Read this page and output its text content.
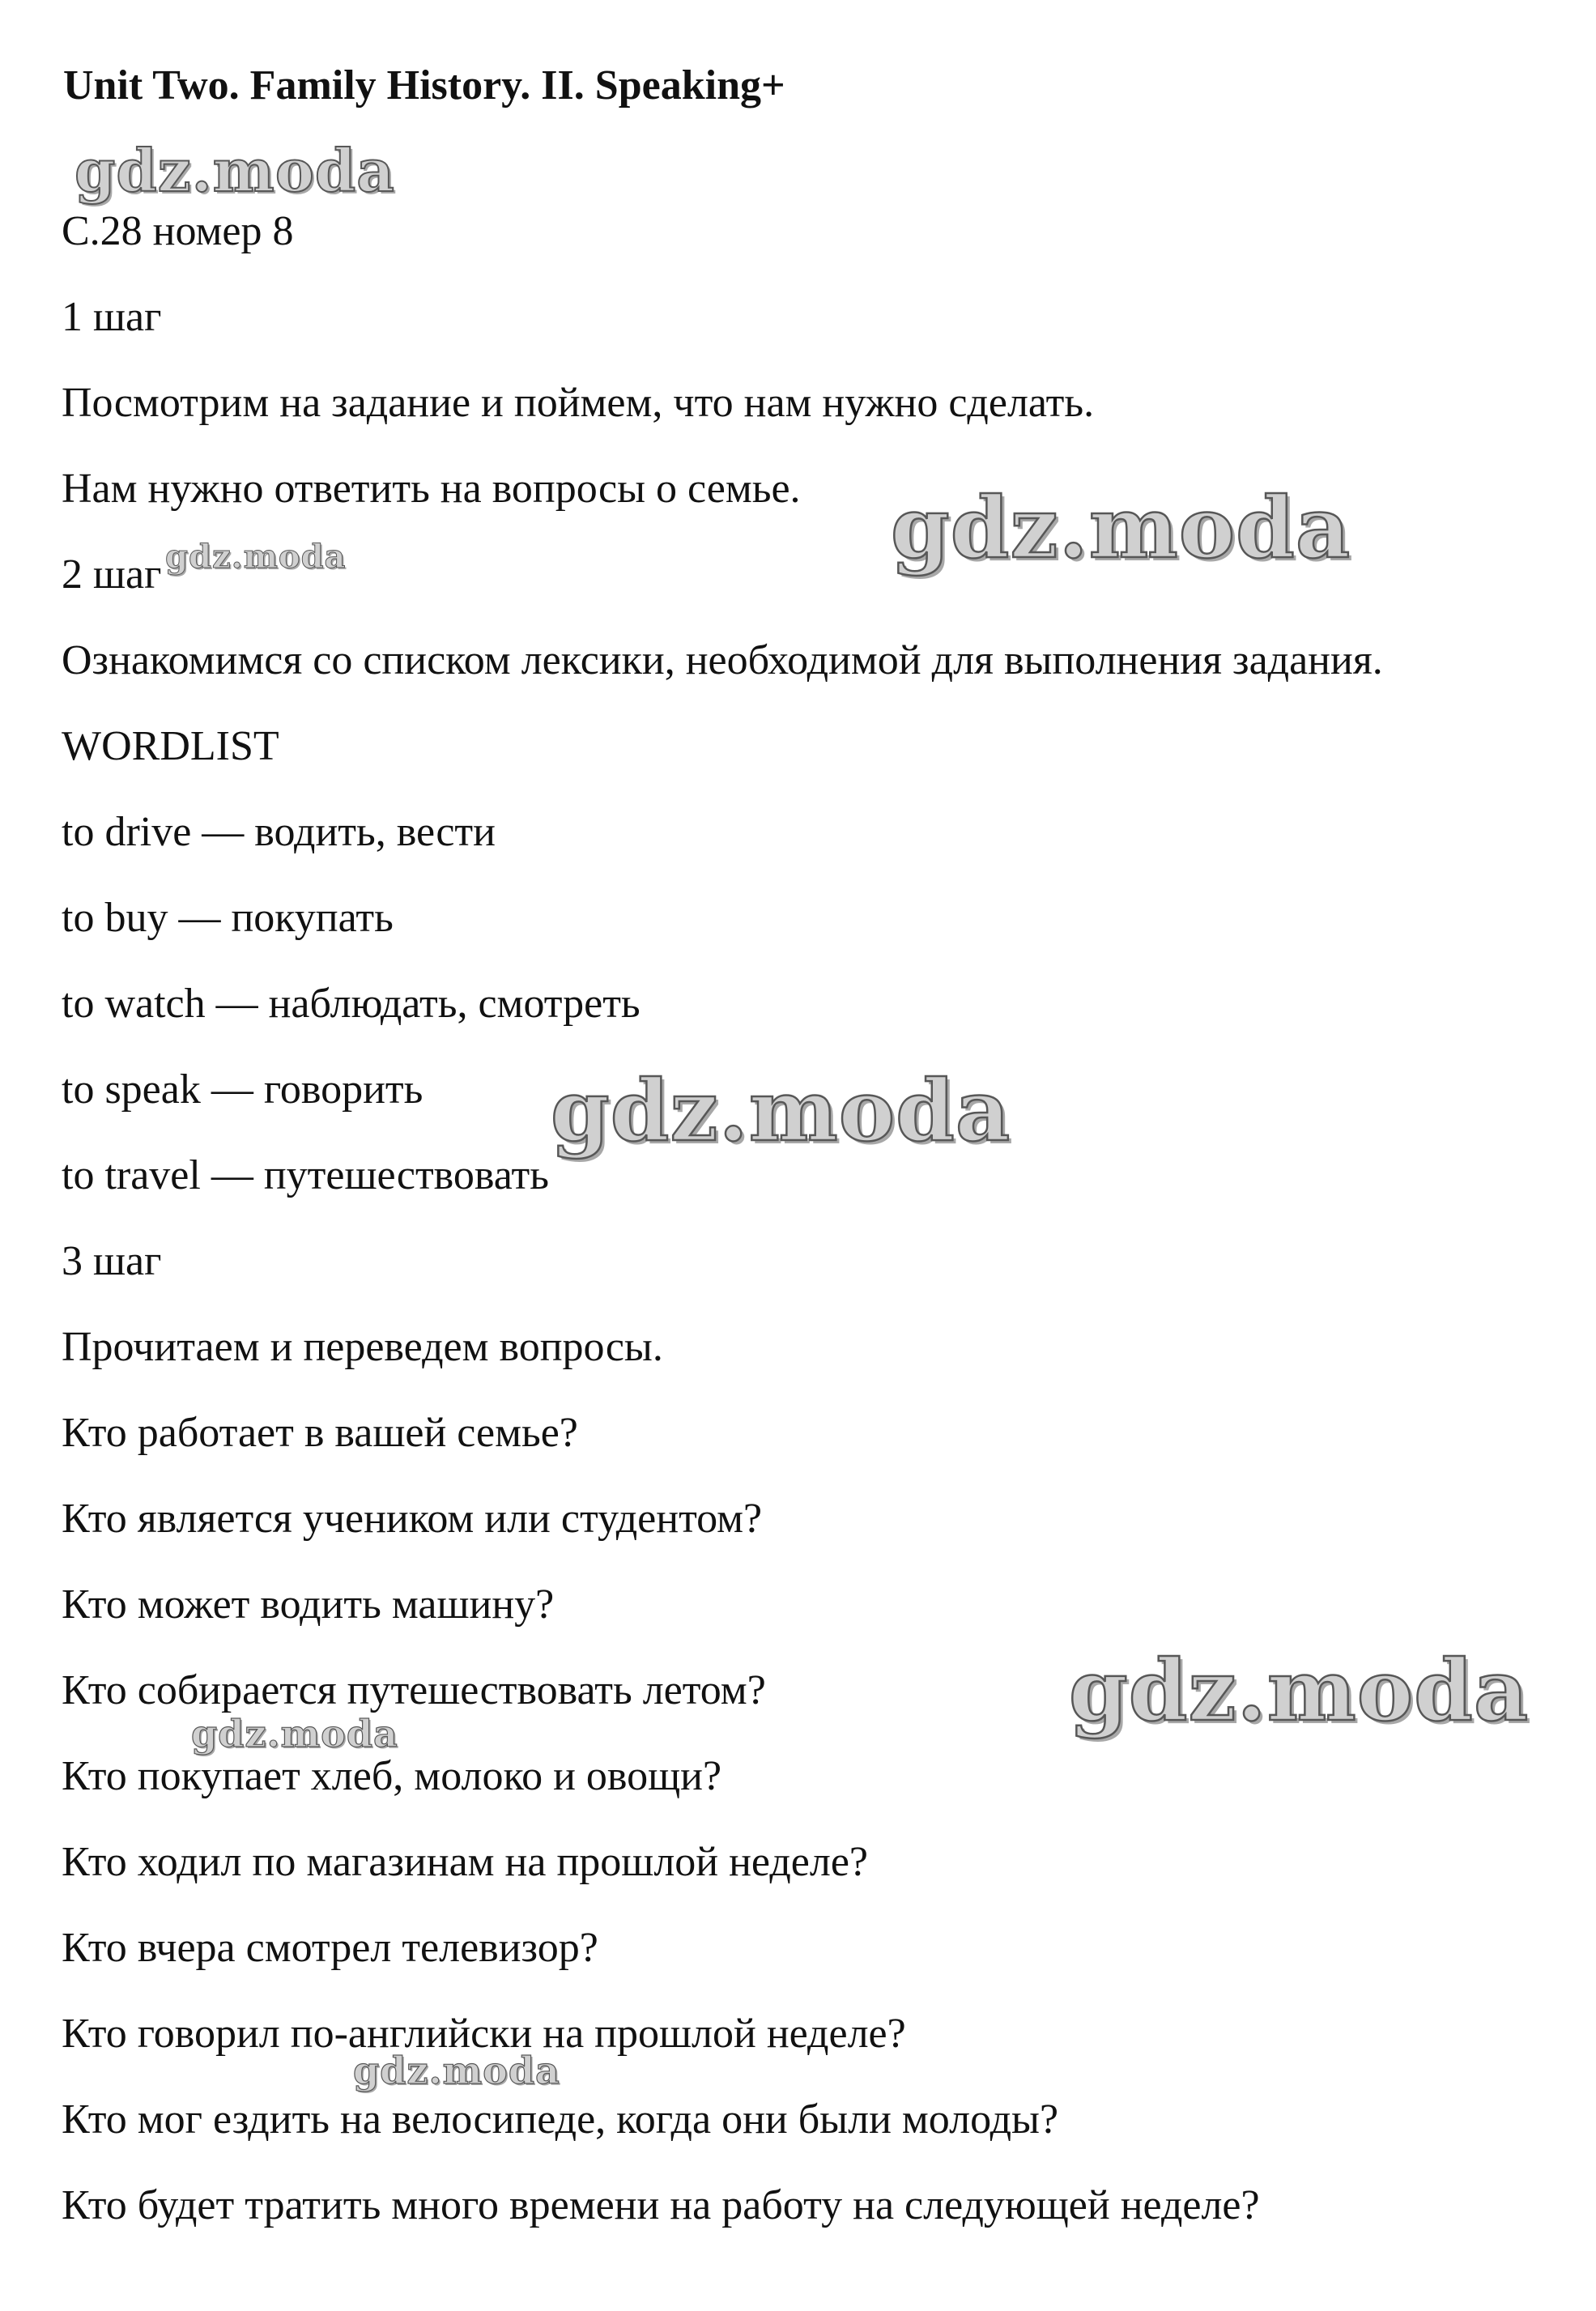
Unit Two. Family History. II. Speaking+
С.28 номер 8
1 шаг
Посмотрим на задание и поймем, что нам нужно сделать.
Нам нужно ответить на вопросы о семье.
2 шаг
Ознакомимся со списком лексики, необходимой для выполнения задания.
WORDLIST
to drive — водить, вести
to buy — покупать
to watch — наблюдать, смотреть
to speak — говорить
to travel — путешествовать
3 шаг
Прочитаем и переведем вопросы.
Кто работает в вашей семье?
Кто является учеником или студентом?
Кто может водить машину?
Кто собирается путешествовать летом?
Кто покупает хлеб, молоко и овощи?
Кто ходил по магазинам на прошлой неделе?
Кто вчера смотрел телевизор?
Кто говорил по-английски на прошлой неделе?
Кто мог ездить на велосипеде, когда они были молоды?
Кто будет тратить много времени на работу на следующей неделе?
gdz.moda
gdz.moda
gdz.moda
gdz.moda
gdz.moda
gdz.moda
gdz.moda
